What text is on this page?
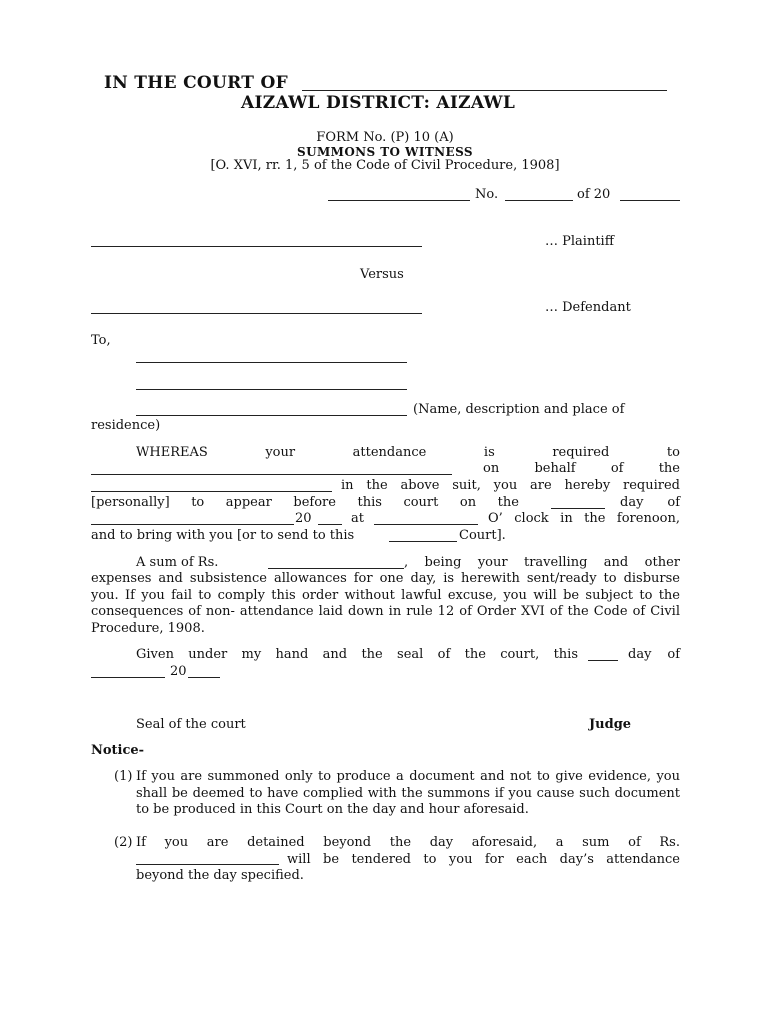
IN THE COURT OF
AIZAWL DISTRICT: AIZAWL
FORM No. (P) 10 (A)
SUMMONS TO WITNESS
[O. XVI, rr. 1, 5 of the Code of Civil Procedure, 1908]
No.	of 20
… Plaintiff
Versus
… Defendant
To,
(Name, description and place of
residence)
WHEREAS	your	attendance	is	required	to
on	behalf	of	the
in the above suit, you are hereby required
[personally] to appear before this court on the	day of
20	at	O’ clock in the forenoon,
and to bring with you [or to send to this	Court].
A sum of Rs.	,  being  your  travelling  and  other

expenses and subsistence allowances for one day, is herewith sent/ready to disburse you. If you fail to comply this order without lawful excuse, you will be subject to the consequences of non- attendance laid down in rule 12 of Order XVI of the Code of Civil Procedure, 1908.

Given under my hand and the seal of the court, this	day of
20
Seal of the court	Judge
Notice-
(1) If you are summoned only to produce a document and not to give evidence, you shall be deemed to have complied with the summons if you cause such document to be produced in this Court on the day and hour aforesaid.
(2) If  you  are  detained  beyond  the  day  aforesaid,  a  sum  of  Rs.
will be tendered to you for each day’s attendance
beyond the day specified.
